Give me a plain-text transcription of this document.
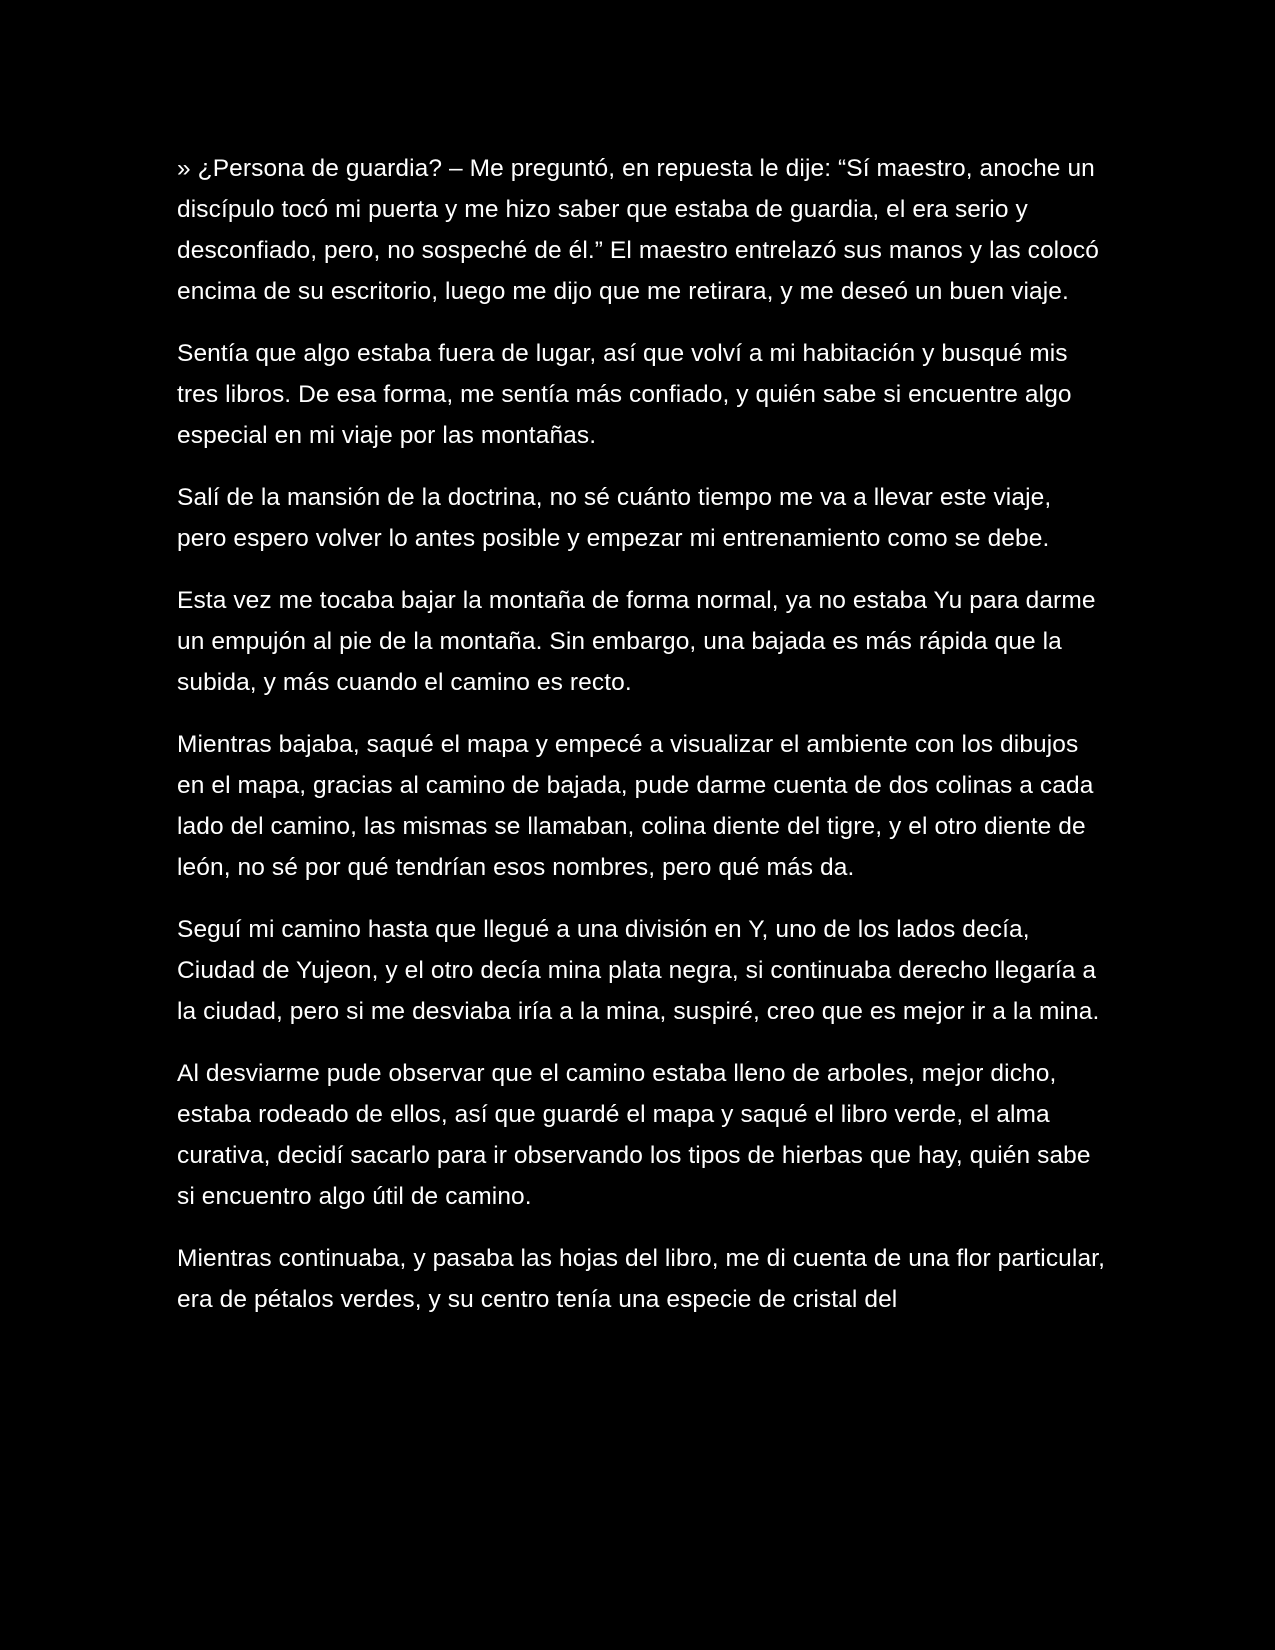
» ¿Persona de guardia? – Me preguntó, en repuesta le dije: “Sí maestro, anoche un discípulo tocó mi puerta y me hizo saber que estaba de guardia, el era serio y desconfiado, pero, no sospeché de él.” El maestro entrelazó sus manos y las colocó encima de su escritorio, luego me dijo que me retirara, y me deseó un buen viaje.

Sentía que algo estaba fuera de lugar, así que volví a mi habitación y busqué mis tres libros. De esa forma, me sentía más confiado, y quién sabe si encuentre algo especial en mi viaje por las montañas.

Salí de la mansión de la doctrina, no sé cuánto tiempo me va a llevar este viaje, pero espero volver lo antes posible y empezar mi entrenamiento como se debe.

Esta vez me tocaba bajar la montaña de forma normal, ya no estaba Yu para darme un empujón al pie de la montaña. Sin embargo, una bajada es más rápida que la subida, y más cuando el camino es recto.

Mientras bajaba, saqué el mapa y empecé a visualizar el ambiente con los dibujos en el mapa, gracias al camino de bajada, pude darme cuenta de dos colinas a cada lado del camino, las mismas se llamaban, colina diente del tigre, y el otro diente de león, no sé por qué tendrían esos nombres, pero qué más da.

Seguí mi camino hasta que llegué a una división en Y, uno de los lados decía, Ciudad de Yujeon, y el otro decía mina plata negra, si continuaba derecho llegaría a la ciudad, pero si me desviaba iría a la mina, suspiré, creo que es mejor ir a la mina.

Al desviarme pude observar que el camino estaba lleno de arboles, mejor dicho, estaba rodeado de ellos, así que guardé el mapa y saqué el libro verde, el alma curativa, decidí sacarlo para ir observando los tipos de hierbas que hay, quién sabe si encuentro algo útil de camino.

Mientras continuaba, y pasaba las hojas del libro, me di cuenta de una flor particular, era de pétalos verdes, y su centro tenía una especie de cristal del
